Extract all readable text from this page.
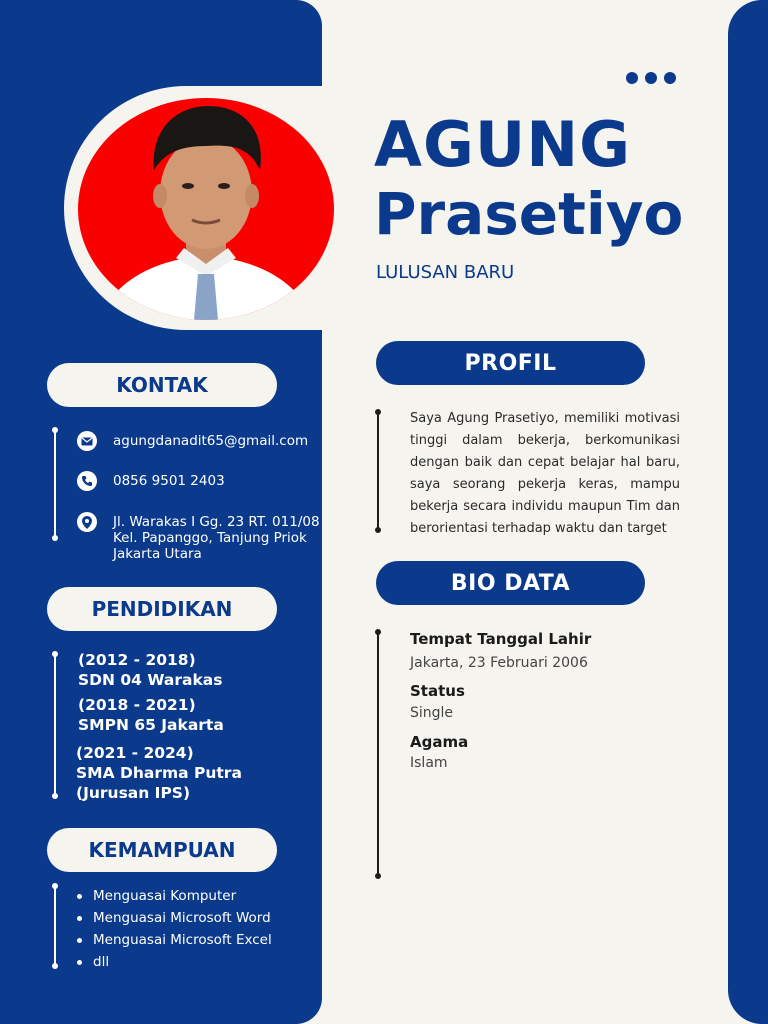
AGUNG
Prasetiyo
LULUSAN BARU
KONTAK
agungdanadit65@gmail.com
0856 9501 2403
Jl. Warakas I Gg. 23 RT. 011/08
Kel. Papanggo, Tanjung Priok
Jakarta Utara
PENDIDIKAN
(2012 - 2018)
SDN 04 Warakas
(2018 - 2021)
SMPN 65 Jakarta
(2021 - 2024)
SMA Dharma Putra
(Jurusan IPS)
KEMAMPUAN
Menguasai Komputer
Menguasai Microsoft Word
Menguasai Microsoft Excel
dll
PROFIL
Saya Agung Prasetiyo, memiliki motivasi
tinggi dalam bekerja, berkomunikasi
dengan baik dan cepat belajar hal baru,
saya seorang pekerja keras, mampu
bekerja secara individu maupun Tim dan
berorientasi terhadap waktu dan target
BIO DATA
Tempat Tanggal Lahir
Jakarta, 23 Februari 2006
Status
Single
Agama
Islam
